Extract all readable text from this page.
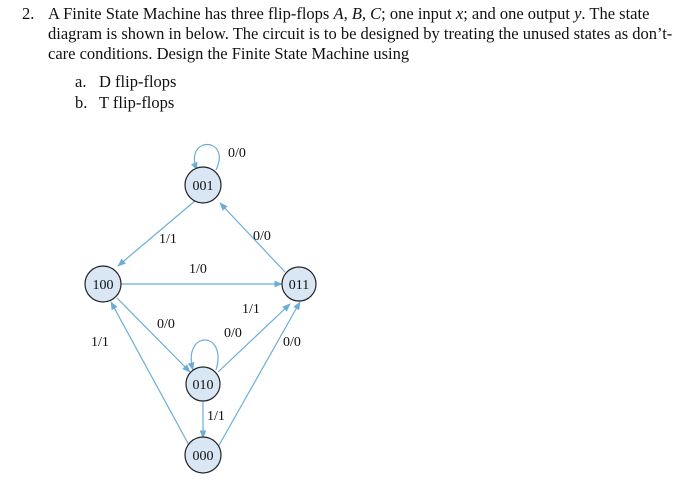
2. A Finite State Machine has three flip-flops A, B, C; one input x; and one output y. The state diagram is shown in below. The circuit is to be designed by treating the unused states as don’t-care conditions. Design the Finite State Machine using
a. D flip-flops
b. T flip-flops
001
100	011
010
000
0/0
1/1	0/0
1/0
0/0
0/0
1/1
1/1
1/1	0/0
